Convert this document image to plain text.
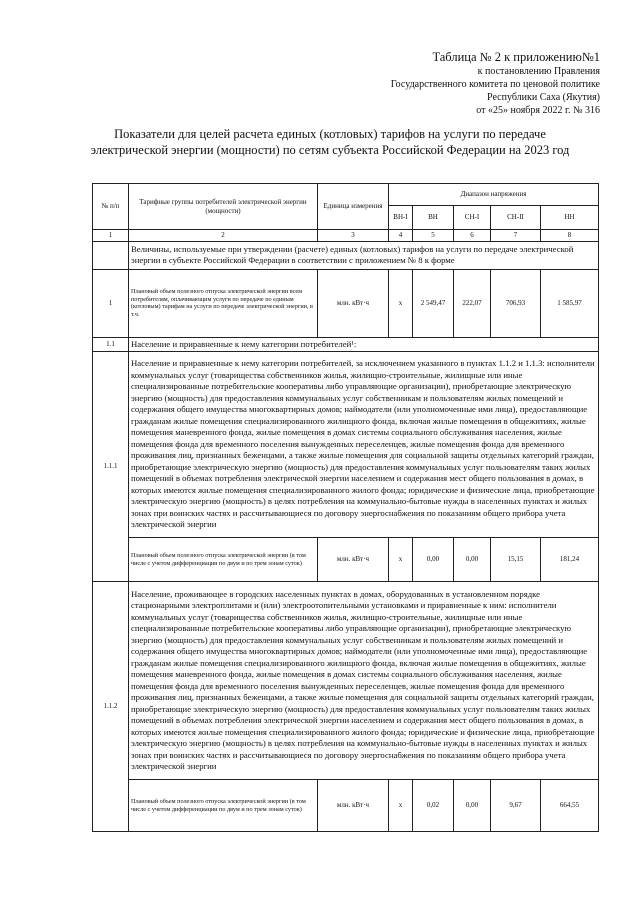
Таблица № 2 к приложению№1
к постановлению Правления
Государственного комитета по ценовой политике
Республики Саха (Якутия)
от «25» ноября 2022 г. № 316
Показатели для целей расчета единых (котловых) тарифов на услуги по передаче
электрической энергии (мощности) по сетям субъекта Российской Федерации на 2023 год
№ п/п	Тарифные группы потребителей электрической энергии (мощности)	Единица измерения	Диапазон напряжения				
			ВН-I	ВН	СН-I	СН-II	НН
1	2	3	4	5	6	7	8
	Величины, используемые при утверждении (расчете) единых (котловых) тарифов на услуги по передаче электрической энергии в субъекте Российской Федерации в соответствии с приложением № 8 к форме						
1	Плановый объем полезного отпуска электрической энергии всем потребителям, оплачивающим услуги по передаче по единым (котловым) тарифам на услуги по передаче электрической энергии, в т.ч.	млн. кВт·ч	x	2 549,47	222,07	706,93	1 585,97
1.1	Население и приравненные к нему категории потребителей¹:						
1.1.1	Население и приравненные к нему категории потребителей, за исключением указанного в пунктах 1.1.2 и 1.1.3: исполнители коммунальных услуг (товарищества собственников жилья, жилищно-строительные, жилищные или иные специализированные потребительские кооперативы либо управляющие организации), приобретающие электрическую энергию (мощность) для предоставления коммунальных услуг собственникам и пользователям жилых помещений и содержания общего имущества многоквартирных домов; наймодатели (или уполномоченные ими лица), предоставляющие гражданам жилые помещения специализированного жилищного фонда, включая жилые помещения в общежитиях, жилые помещения маневренного фонда, жилые помещения в домах системы социального обслуживания населения, жилые помещения фонда для временного поселения вынужденных переселенцев, жилые помещения фонда для временного проживания лиц, признанных беженцами, а также жилые помещения для социальной защиты отдельных категорий граждан, приобретающие электрическую энергию (мощность) для предоставления коммунальных услуг пользователям таких жилых помещений в объемах потребления электрической энергии населением и содержания мест общего пользования в домах, в которых имеются жилые помещения специализированного жилого фонда; юридические и физические лица, приобретающие электрическую энергию (мощность) в целях потребления на коммунально-бытовые нужды в населенных пунктах и жилых зонах при воинских частях и рассчитывающиеся по договору энергоснабжения по показаниям общего прибора учета электрической энергии						
	Плановый объем полезного отпуска электрической энергии (в том числе с учетом дифференциации по двум и по трем зонам суток)	млн. кВт·ч	x	0,00	0,00	15,15	181,24
1.1.2	Население, проживающее в городских населенных пунктах в домах, оборудованных в установленном порядке стационарными электроплитами и (или) электроотопительными установками и приравненные к ним: исполнители коммунальных услуг (товарищества собственников жилья, жилищно-строительные, жилищные или иные специализированные потребительские кооперативы либо управляющие организации), приобретающие электрическую энергию (мощность) для предоставления коммунальных услуг собственникам и пользователям жилых помещений и содержания общего имущества многоквартирных домов; наймодатели (или уполномоченные ими лица), предоставляющие гражданам жилые помещения специализированного жилищного фонда, включая жилые помещения в общежитиях, жилые помещения маневренного фонда, жилые помещения в домах системы социального обслуживания населения, жилые помещения фонда для временного поселения вынужденных переселенцев, жилые помещения фонда для временного проживания лиц, признанных беженцами, а также жилые помещения для социальной защиты отдельных категорий граждан, приобретающие электрическую энергию (мощность) для предоставления коммунальных услуг пользователям таких жилых помещений в объемах потребления электрической энергии населением и содержания мест общего пользования в домах, в которых имеются жилые помещения специализированного жилого фонда; юридические и физические лица, приобретающие электрическую энергию (мощность) в целях потребления на коммунально-бытовые нужды в населенных пунктах и жилых зонах при воинских частях и рассчитывающиеся по договору энергоснабжения по показаниям общего прибора учета электрической энергии						
	Плановый объем полезного отпуска электрической энергии (в том числе с учетом дифференциации по двум и по трем зонам суток)	млн. кВт·ч	x	0,02	0,00	9,67	664,55
